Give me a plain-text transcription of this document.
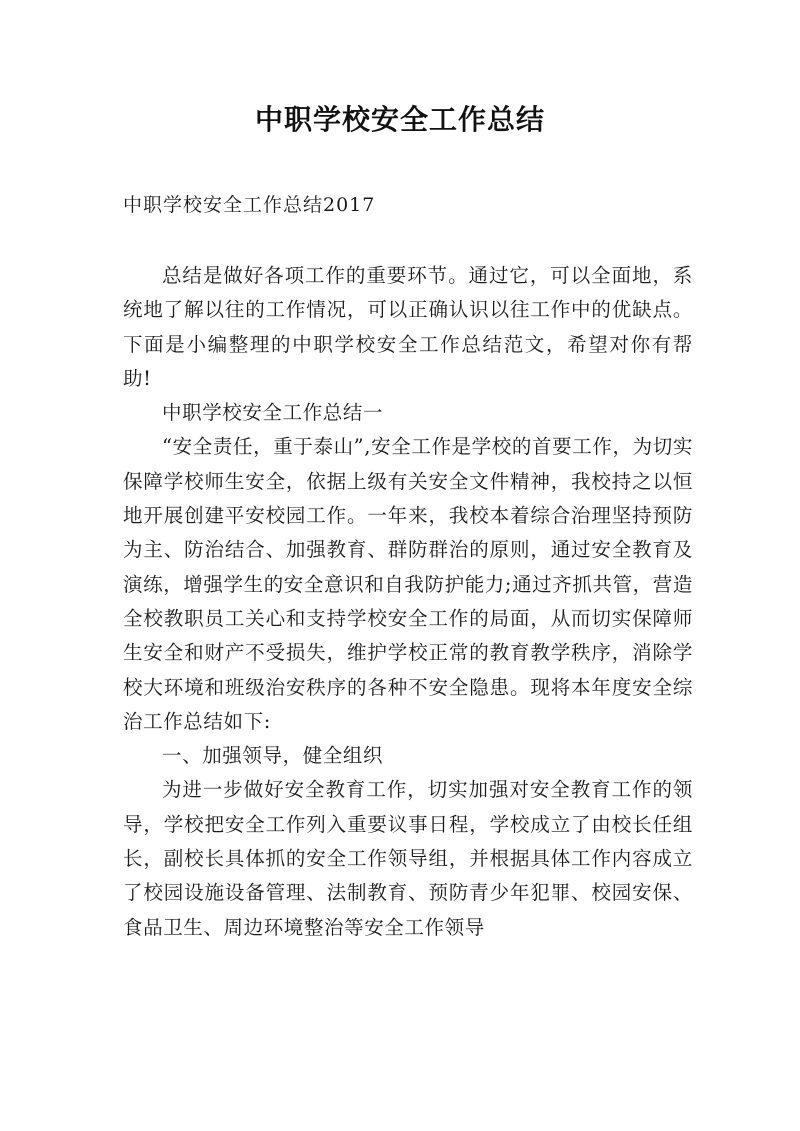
中职学校安全工作总结
中职学校安全工作总结2017

总结是做好各项工作的重要环节。通过它，可以全面地，系统地了解以往的工作情况，可以正确认识以往工作中的优缺点。下面是小编整理的中职学校安全工作总结范文，希望对你有帮助!

中职学校安全工作总结一

“安全责任，重于泰山”,安全工作是学校的首要工作，为切实保障学校师生安全，依据上级有关安全文件精神，我校持之以恒地开展创建平安校园工作。一年来，我校本着综合治理坚持预防为主、防治结合、加强教育、群防群治的原则，通过安全教育及演练，增强学生的安全意识和自我防护能力;通过齐抓共管，营造全校教职员工关心和支持学校安全工作的局面，从而切实保障师生安全和财产不受损失，维护学校正常的教育教学秩序，消除学校大环境和班级治安秩序的各种不安全隐患。现将本年度安全综治工作总结如下:

一、加强领导，健全组织

为进一步做好安全教育工作，切实加强对安全教育工作的领导，学校把安全工作列入重要议事日程，学校成立了由校长任组长，副校长具体抓的安全工作领导组，并根据具体工作内容成立了校园设施设备管理、法制教育、预防青少年犯罪、校园安保、食品卫生、周边环境整治等安全工作领导
